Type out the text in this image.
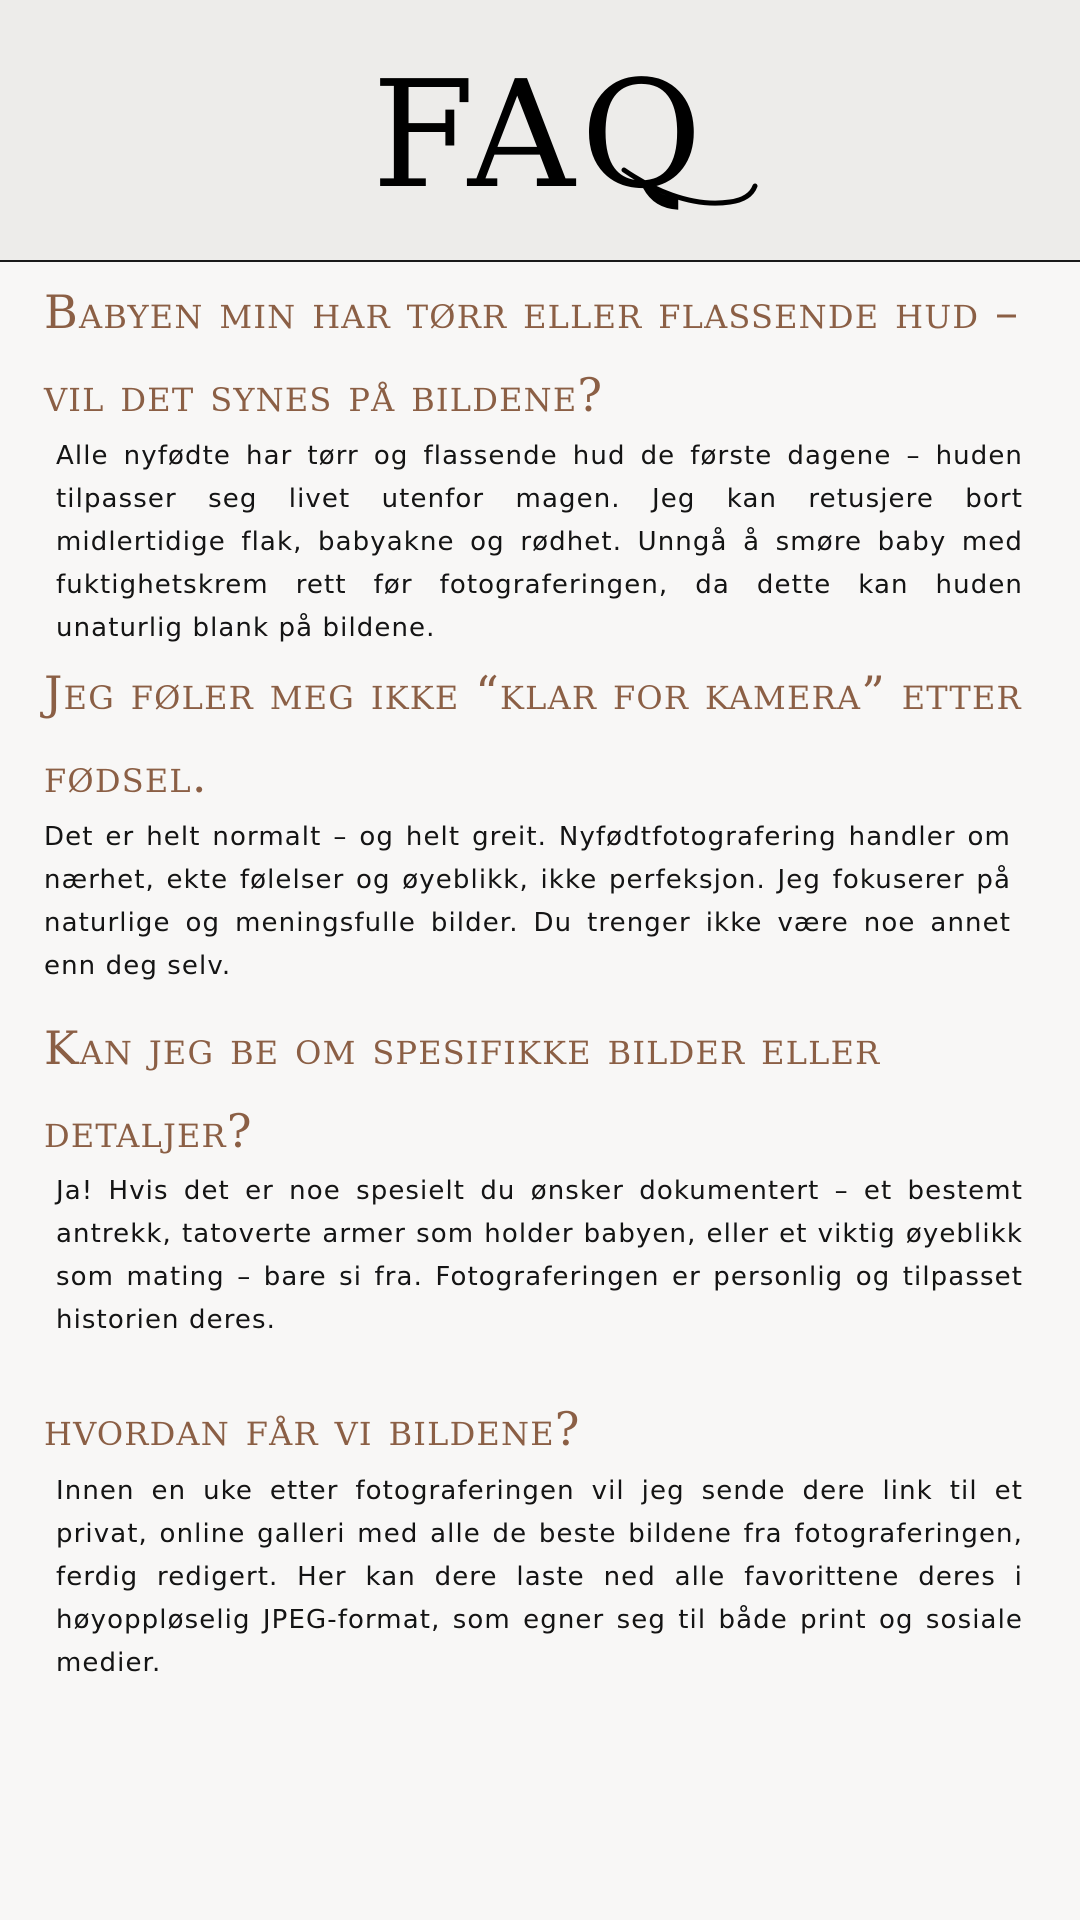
FAQ
Babyen min har tørr eller flassende hud – vil det synes på bildene?

Alle nyfødte har tørr og flassende hud de første dagene – huden tilpasser seg livet utenfor magen. Jeg kan retusjere bort midlertidige flak, babyakne og rødhet. Unngå å smøre baby med fuktighetskrem rett før fotograferingen, da dette kan huden unaturlig blank på bildene.

Jeg føler meg ikke “klar for kamera” etter fødsel.

Det er helt normalt – og helt greit. Nyfødtfotografering handler om nærhet, ekte følelser og øyeblikk, ikke perfeksjon. Jeg fokuserer på naturlige og meningsfulle bilder. Du trenger ikke være noe annet enn deg selv.

Kan jeg be om spesifikke bilder eller detaljer?

Ja! Hvis det er noe spesielt du ønsker dokumentert – et bestemt antrekk, tatoverte armer som holder babyen, eller et viktig øyeblikk som mating – bare si fra. Fotograferingen er personlig og tilpasset historien deres.

hvordan får vi bildene?

Innen en uke etter fotograferingen vil jeg sende dere link til et privat, online galleri med alle de beste bildene fra fotograferingen, ferdig redigert. Her kan dere laste ned alle favorittene deres i høyoppløselig JPEG-format, som egner seg til både print og sosiale medier.
